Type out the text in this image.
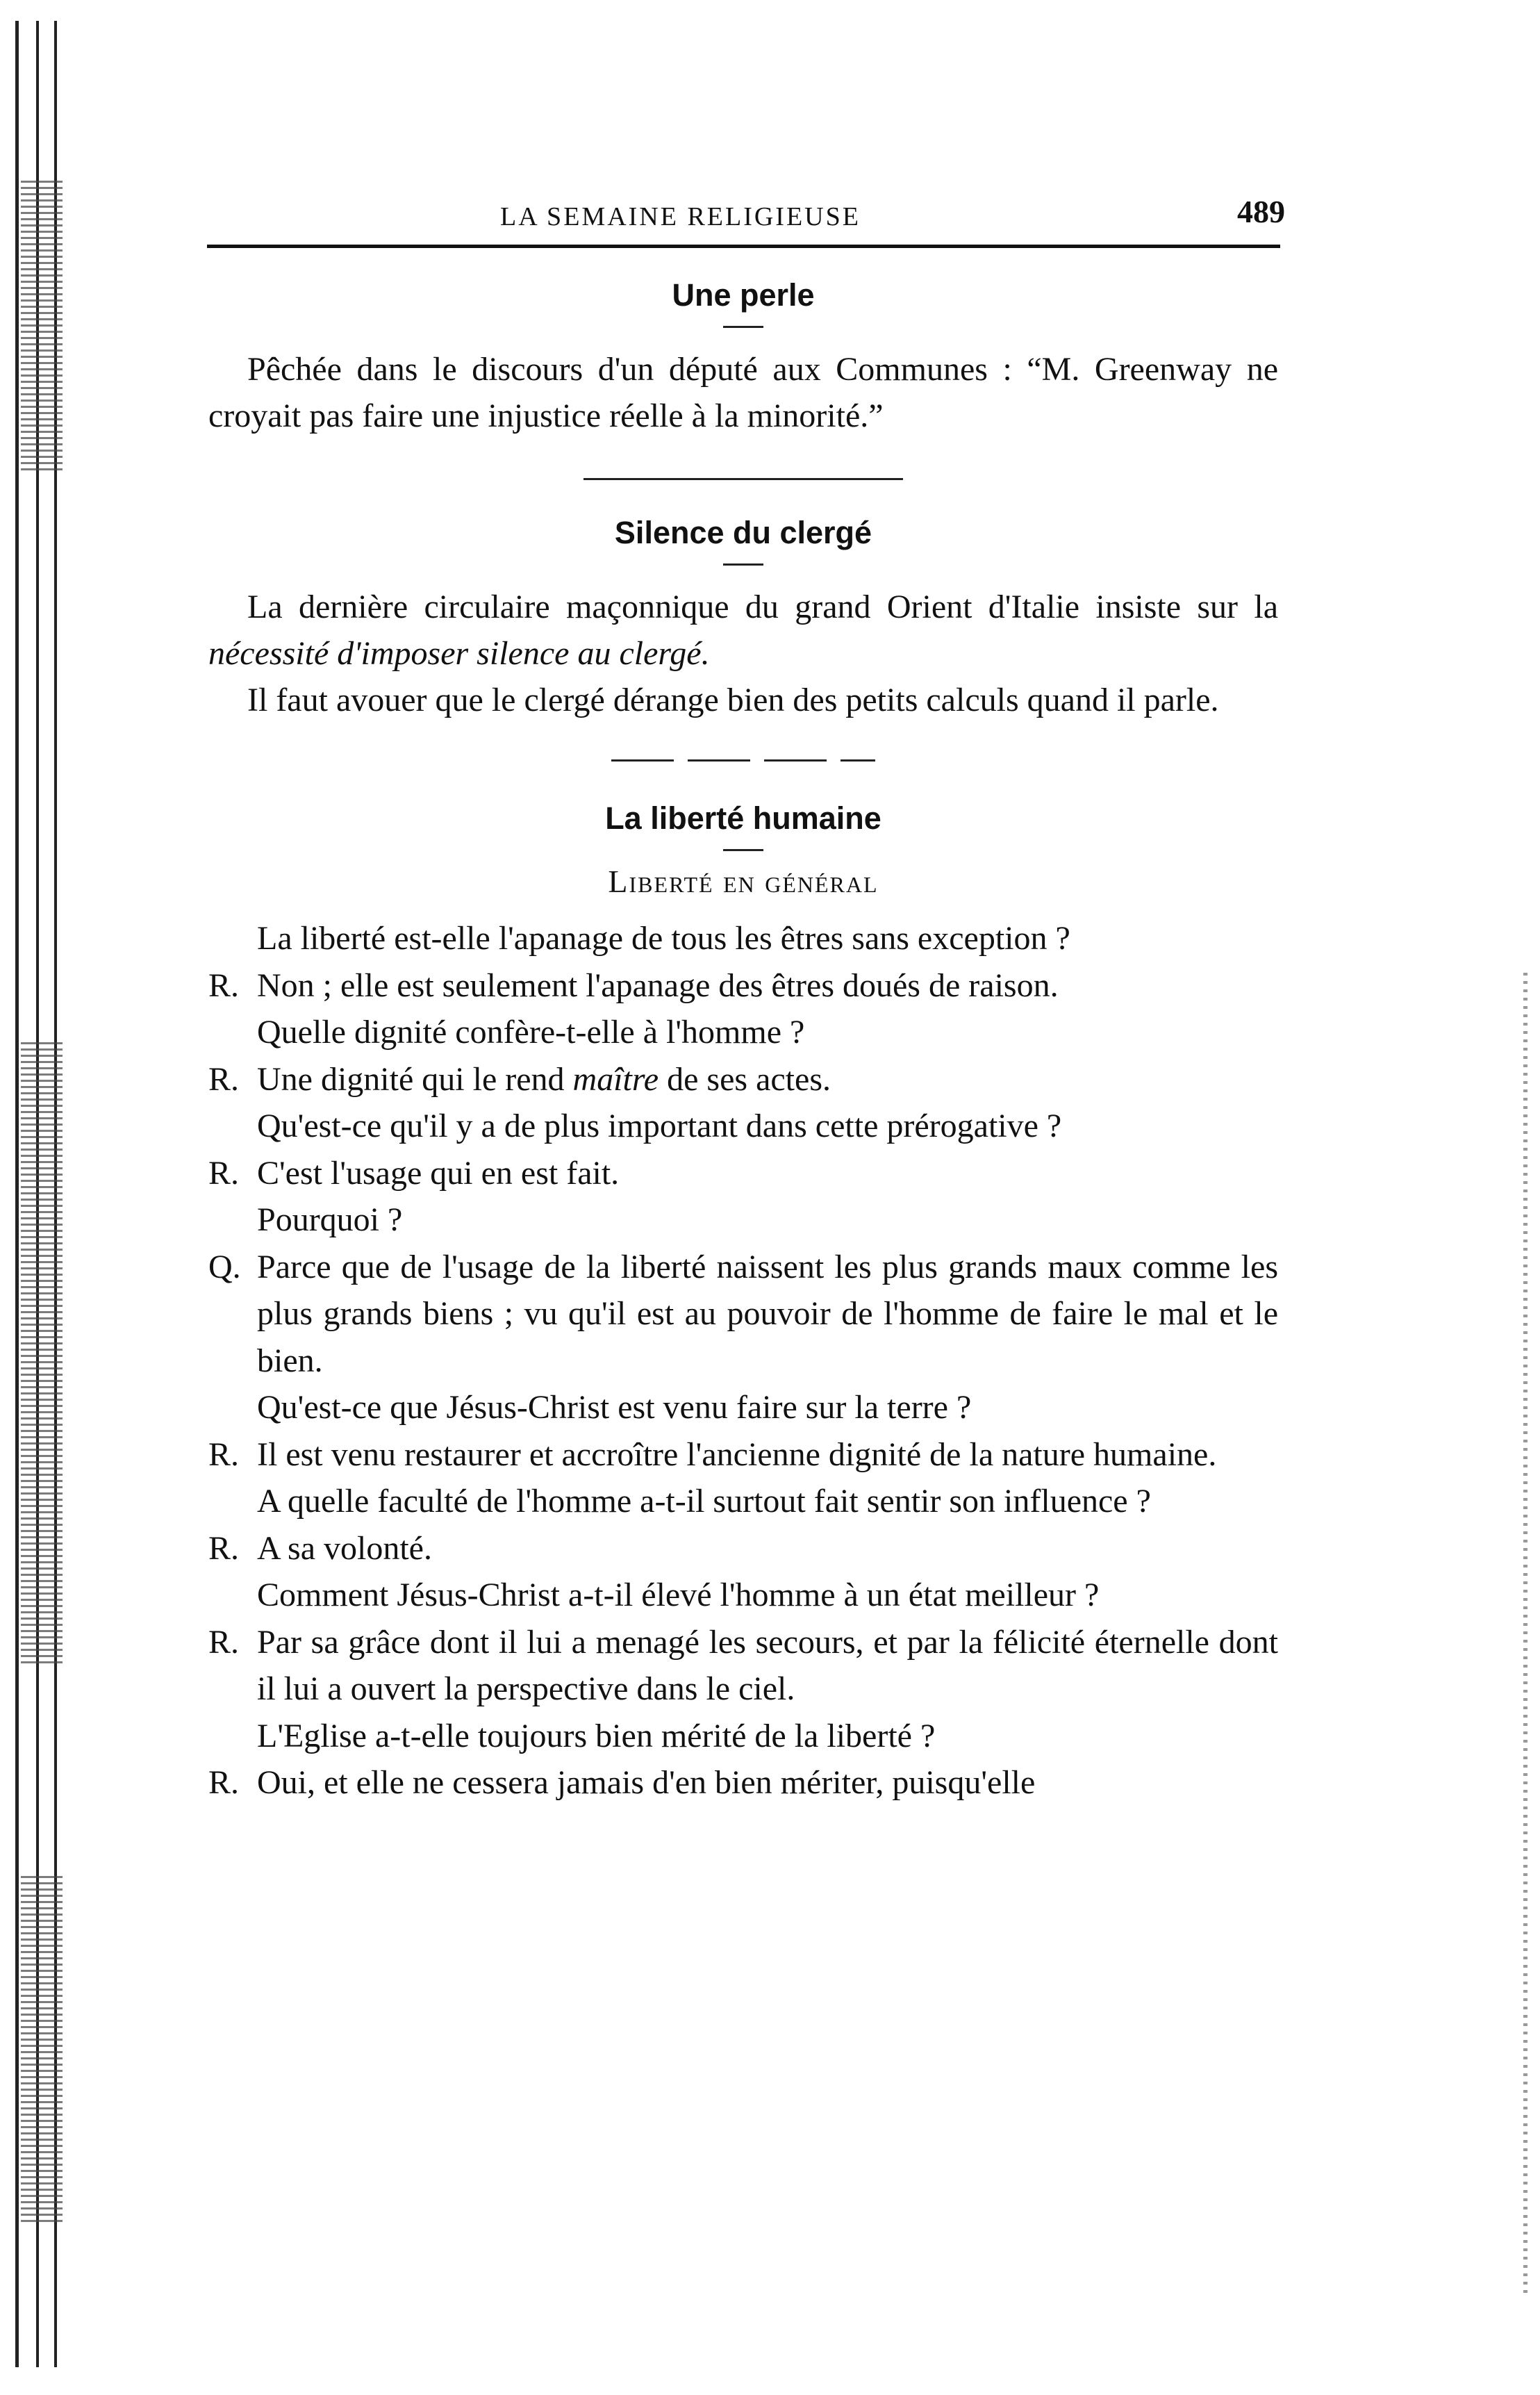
LA SEMAINE RELIGIEUSE	489
Une perle
Pêchée dans le discours d'un député aux Communes : “M. Greenway ne croyait pas faire une injustice réelle à la minorité.”
Silence du clergé
La dernière circulaire maçonnique du grand Orient d'Italie insiste sur la nécessité d'imposer silence au clergé.
Il faut avouer que le clergé dérange bien des petits calculs quand il parle.
La liberté humaine
Liberté en général
La liberté est-elle l'apanage de tous les êtres sans exception ?
R. Non ; elle est seulement l'apanage des êtres doués de raison.
Quelle dignité confère-t-elle à l'homme ?
R. Une dignité qui le rend maître de ses actes.
Qu'est-ce qu'il y a de plus important dans cette prérogative ?
R. C'est l'usage qui en est fait.
Pourquoi ?
Q. Parce que de l'usage de la liberté naissent les plus grands maux comme les plus grands biens ; vu qu'il est au pouvoir de l'homme de faire le mal et le bien.
Qu'est-ce que Jésus-Christ est venu faire sur la terre ?
R. Il est venu restaurer et accroître l'ancienne dignité de la nature humaine.
A quelle faculté de l'homme a-t-il surtout fait sentir son influence ?
R. A sa volonté.
Comment Jésus-Christ a-t-il élevé l'homme à un état meilleur ?
R. Par sa grâce dont il lui a menagé les secours, et par la félicité éternelle dont il lui a ouvert la perspective dans le ciel.
L'Eglise a-t-elle toujours bien mérité de la liberté ?
R. Oui, et elle ne cessera jamais d'en bien mériter, puisqu'elle
